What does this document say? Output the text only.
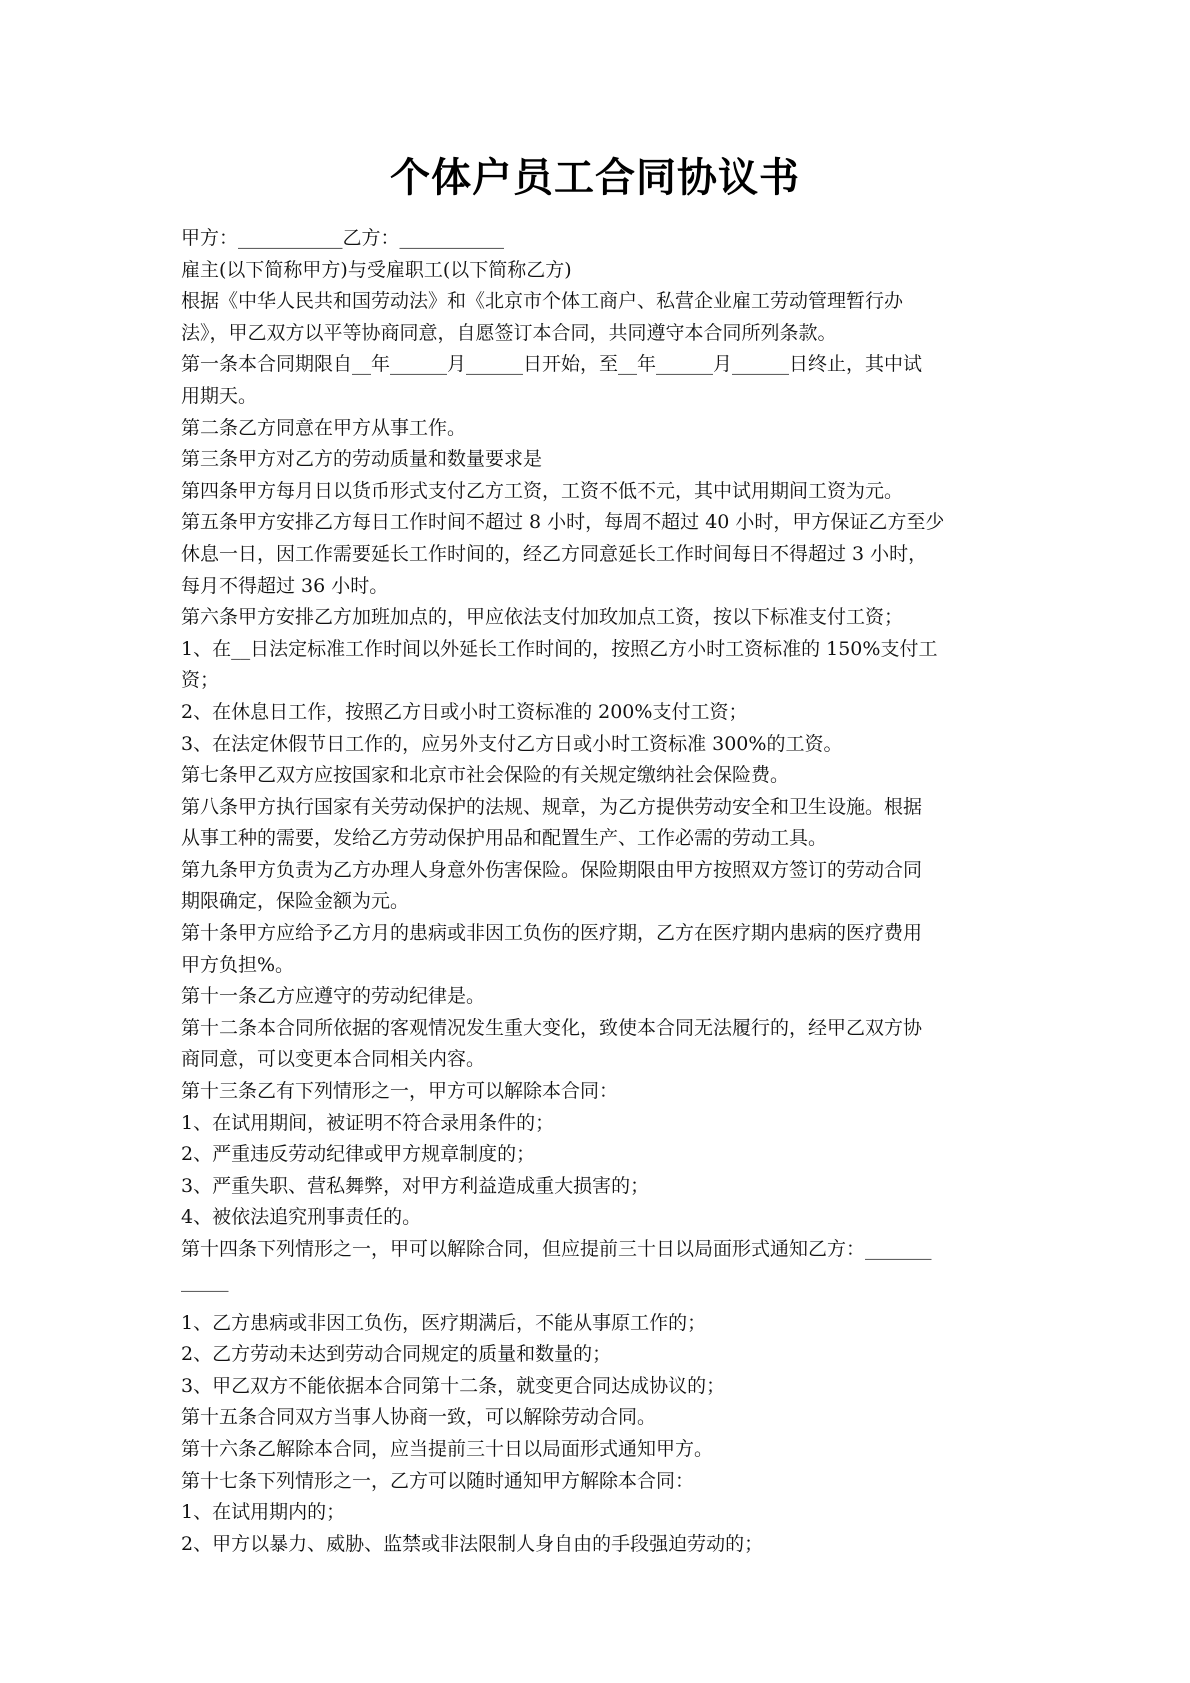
个体户员工合同协议书
甲方：___________乙方：___________
雇主(以下简称甲方)与受雇职工(以下简称乙方)
根据《中华人民共和国劳动法》和《北京市个体工商户、私营企业雇工劳动管理暂行办
法》，甲乙双方以平等协商同意，自愿签订本合同，共同遵守本合同所列条款。
第一条本合同期限自__年______月______日开始，至__年______月______日终止，其中试
用期天。
第二条乙方同意在甲方从事工作。
第三条甲方对乙方的劳动质量和数量要求是
第四条甲方每月日以货币形式支付乙方工资，工资不低不元，其中试用期间工资为元。
第五条甲方安排乙方每日工作时间不超过 8 小时，每周不超过 40 小时，甲方保证乙方至少
休息一日，因工作需要延长工作时间的，经乙方同意延长工作时间每日不得超过 3 小时，
每月不得超过 36 小时。
第六条甲方安排乙方加班加点的，甲应依法支付加玫加点工资，按以下标准支付工资；
1、在__日法定标准工作时间以外延长工作时间的，按照乙方小时工资标准的 150%支付工
资；
2、在休息日工作，按照乙方日或小时工资标准的 200%支付工资；
3、在法定休假节日工作的，应另外支付乙方日或小时工资标准 300%的工资。
第七条甲乙双方应按国家和北京市社会保险的有关规定缴纳社会保险费。
第八条甲方执行国家有关劳动保护的法规、规章，为乙方提供劳动安全和卫生设施。根据
从事工种的需要，发给乙方劳动保护用品和配置生产、工作必需的劳动工具。
第九条甲方负责为乙方办理人身意外伤害保险。保险期限由甲方按照双方签订的劳动合同
期限确定，保险金额为元。
第十条甲方应给予乙方月的患病或非因工负伤的医疗期，乙方在医疗期内患病的医疗费用
甲方负担%。
第十一条乙方应遵守的劳动纪律是。
第十二条本合同所依据的客观情况发生重大变化，致使本合同无法履行的，经甲乙双方协
商同意，可以变更本合同相关内容。
第十三条乙有下列情形之一，甲方可以解除本合同：
1、在试用期间，被证明不符合录用条件的；
2、严重违反劳动纪律或甲方规章制度的；
3、严重失职、营私舞弊，对甲方利益造成重大损害的；
4、被依法追究刑事责任的。
第十四条下列情形之一，甲可以解除合同，但应提前三十日以局面形式通知乙方：_______
_____
1、乙方患病或非因工负伤，医疗期满后，不能从事原工作的；
2、乙方劳动未达到劳动合同规定的质量和数量的；
3、甲乙双方不能依据本合同第十二条，就变更合同达成协议的；
第十五条合同双方当事人协商一致，可以解除劳动合同。
第十六条乙解除本合同，应当提前三十日以局面形式通知甲方。
第十七条下列情形之一，乙方可以随时通知甲方解除本合同：
1、在试用期内的；
2、甲方以暴力、威胁、监禁或非法限制人身自由的手段强迫劳动的；
